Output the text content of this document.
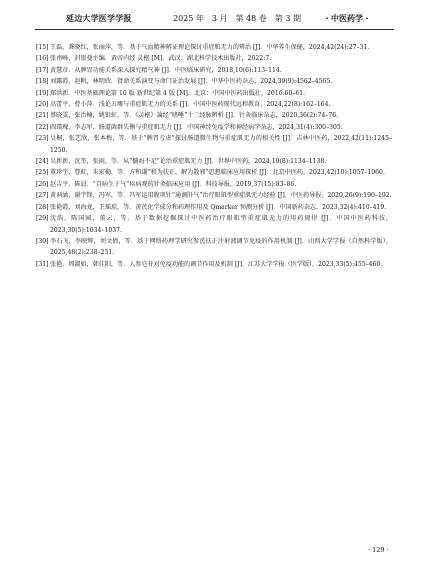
延边大学医学学报	2025 年　3 月　第 48 卷　第 3 期	・中医药学・

[15] 王磊，龚晓红，张丽萍，等．基于气血精神辨证理论探讨重症肌无力的辨治 [J]．中华养生保健，2024,42(24):27–31.

[16] 张南峰，封银曼主编．黄帝内经 灵枢 [M]．武汉：湖北科学技术出版社，2022:7.

[17] 黄慧彦．从脾胃功能关系深入探究精气神 [J]．中医临床研究，2018,10(6):113–114.

[18] 刘露霞，赵帆，林明欣．肾命关系演变与命门证治发展 [J]．中华中医药杂志，2024,39(9):4562–4565.

[19] 郑洪新．中医基础理论第 10 版 新世纪第 4 版 [M]．北京：中国中医药出版社，2016:60–61.

[20] 高蕾平，曹小萍．浅论五痿与重症肌无力的关系 [J]．中国中医药现代远程教育，2024,22(8):162–164.

[21] 蔡晓雯，张治楠，姚银虹，等．《灵枢》論经“嗜唾”十二经脉辨析 [J]．针灸临床杂志，2020,36(2):74–76.

[22] 阎璞瑰，李志军．肠道菌群失衡与重症肌无力 [J]．中国神经免疫学和神经病学杂志，2024,31(4):300–305.

[23] 吴桐，张艺欣，张本梅，等．基于“脾胃亏虚”探讨肠道微生物与重症肌无力的相关性 [J]．吉林中医药，2022,42(11):1245–1250.

[24] 吴新新，沈奎，张雨，等．从“髓海不足”论治重症肌无力 [J]．世界中医药，2024,19(8):1134–1138.

[25] 董珍宇，曹虹，朱宏勤，等．方和谦“和为扶正，解为散邪”思想临床应用探析 [J]．北京中医药，2023,42(10):1057–1060.

[26] 赵吉平，陈晨．“百病生于气”疾病观的针灸临床应用 [J]．科技导报，2019,37(15):83–86.

[27] 黄刹涵，谢宇锋，冯军，等．冯军运用腹项针“通调肝气”治疗眼肌型重症肌无力经验 [J]．中医药导报，2020,26(9):190–192.

[28] 张艳霞，刘海龙，王瑶琼，等．黄芪化学成分和药理作用及 Qmarker 预测分析 [J]．中国新药杂志，2023,32(4):410–419.

[29] 沈浩，陈国园，董云，等．基于数据挖掘探讨中医药治疗眼肌型重症肌无力的用药规律 [J]．中国中医药科技，2023,30(5):1034–1037.

[30] 李石飞，李映辉，刘文倩，等．基于网络药理学研究参芪扶正注射液调节免疫的作用机制 [J]．山西大学学报（自然科学版），2025,48(2):238–251.

[31] 张艳，周淑如，韩佳阳，等．人参皂苷对免疫功能的调节作用及机制 [J]．江苏大学学报（医学版），2023,33(5):455–460.

· 129 ·
